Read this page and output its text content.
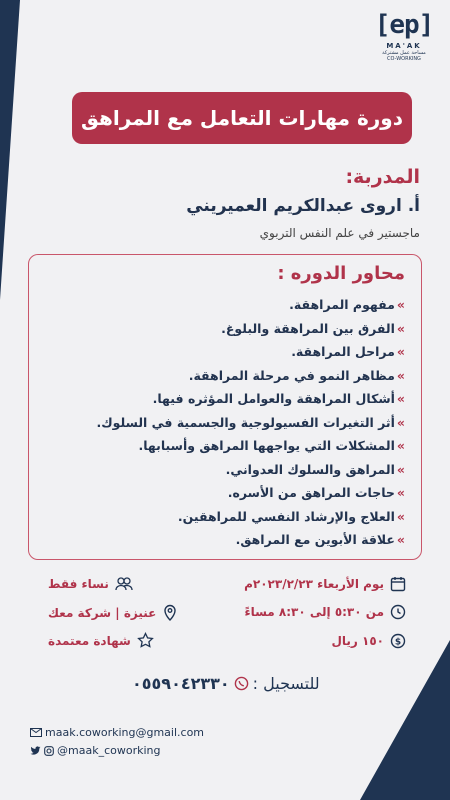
[ep]
MA'AK
مساحة عمل مشتركة
CO-WORKING
دورة مهارات التعامل مع المراهق
المدربة:
أ. اروى عبدالكريم العميريني
ماجستير في علم النفس التربوي
محاور الدوره :
»مفهوم المراهقة.
»الفرق بين المراهقة والبلوغ.
»مراحل المراهقة.
»مظاهر النمو في مرحلة المراهقة.
»أشكال المراهقة والعوامل المؤثره فيها.
»أثر التغيرات الفسيولوجية والجسمية في السلوك.
»المشكلات التي يواجهها المراهق وأسبابها.
»المراهق والسلوك العدواني.
»حاجات المراهق من الأسره.
»العلاج والإرشاد النفسي للمراهقين.
»علاقة الأبوين مع المراهق.
يوم الأربعاء ٢٠٢٣/٢/٢٣م
من ٥:٣٠ إلى ٨:٣٠ مساءً
$
١٥٠ ريال
نساء فقط
عنيزة | شركة معك
شهادة معتمدة
للتسجيل :
٠٥٥٩٠٤٢٣٣٠
maak.coworking@gmail.com
@maak_coworking
